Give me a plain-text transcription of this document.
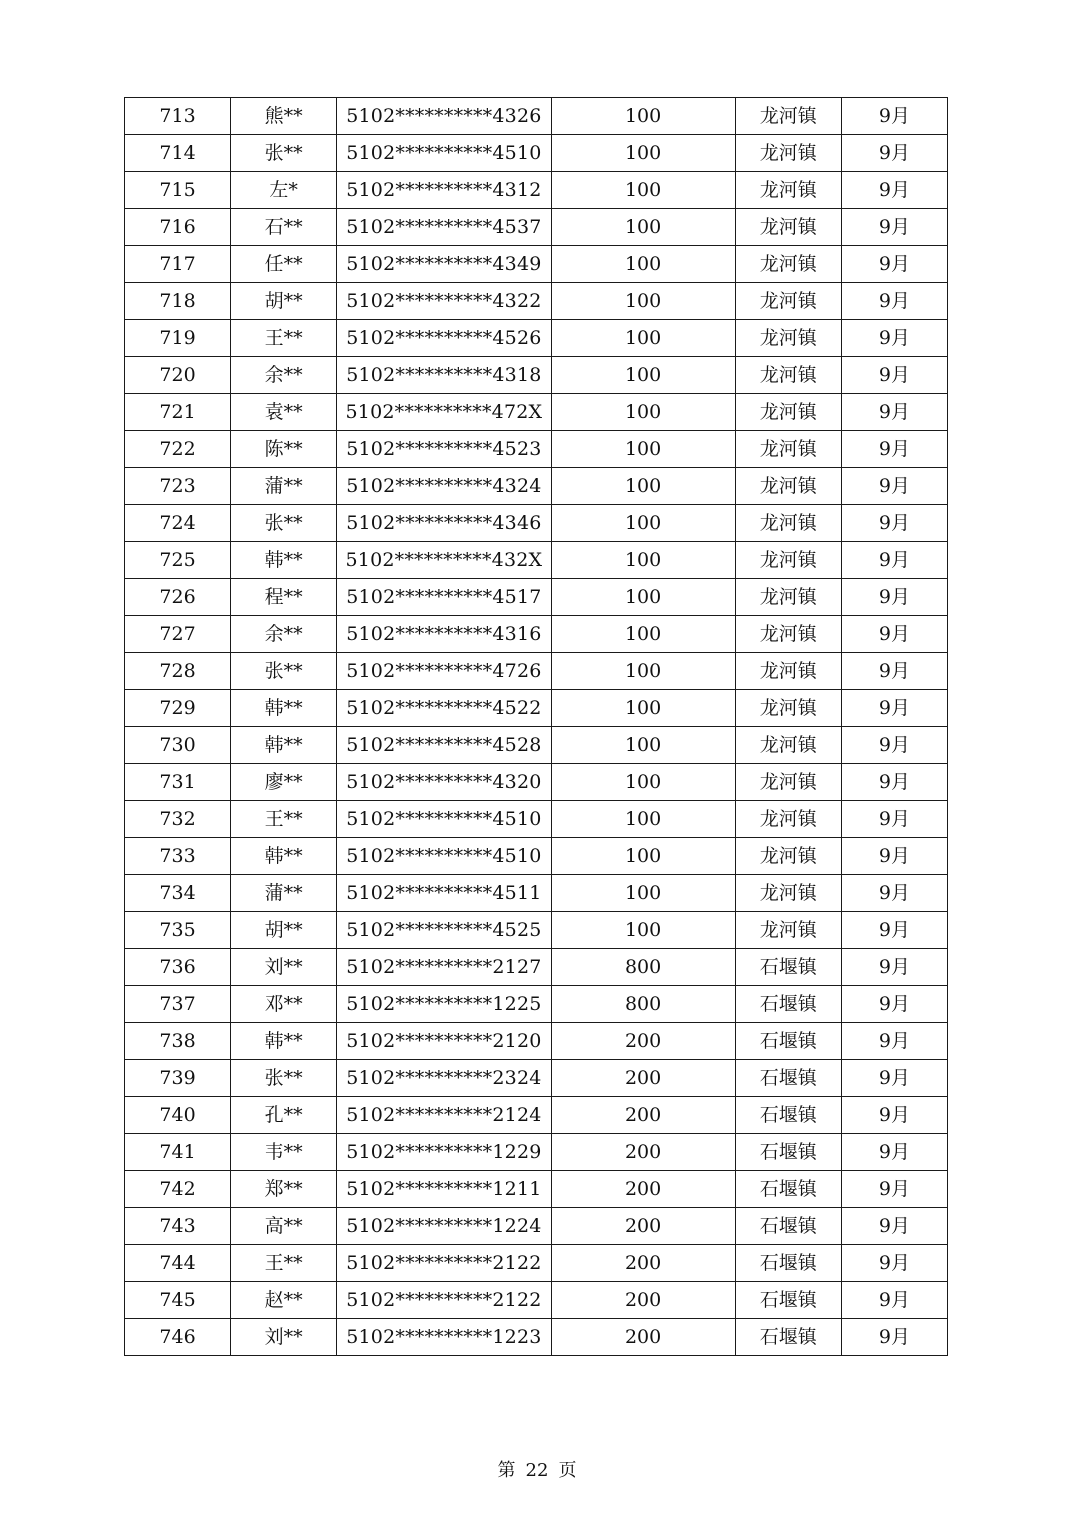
713	熊**	5102**********4326	100	龙河镇	9月
714	张**	5102**********4510	100	龙河镇	9月
715	左*	5102**********4312	100	龙河镇	9月
716	石**	5102**********4537	100	龙河镇	9月
717	任**	5102**********4349	100	龙河镇	9月
718	胡**	5102**********4322	100	龙河镇	9月
719	王**	5102**********4526	100	龙河镇	9月
720	余**	5102**********4318	100	龙河镇	9月
721	袁**	5102**********472X	100	龙河镇	9月
722	陈**	5102**********4523	100	龙河镇	9月
723	蒲**	5102**********4324	100	龙河镇	9月
724	张**	5102**********4346	100	龙河镇	9月
725	韩**	5102**********432X	100	龙河镇	9月
726	程**	5102**********4517	100	龙河镇	9月
727	余**	5102**********4316	100	龙河镇	9月
728	张**	5102**********4726	100	龙河镇	9月
729	韩**	5102**********4522	100	龙河镇	9月
730	韩**	5102**********4528	100	龙河镇	9月
731	廖**	5102**********4320	100	龙河镇	9月
732	王**	5102**********4510	100	龙河镇	9月
733	韩**	5102**********4510	100	龙河镇	9月
734	蒲**	5102**********4511	100	龙河镇	9月
735	胡**	5102**********4525	100	龙河镇	9月
736	刘**	5102**********2127	800	石堰镇	9月
737	邓**	5102**********1225	800	石堰镇	9月
738	韩**	5102**********2120	200	石堰镇	9月
739	张**	5102**********2324	200	石堰镇	9月
740	孔**	5102**********2124	200	石堰镇	9月
741	韦**	5102**********1229	200	石堰镇	9月
742	郑**	5102**********1211	200	石堰镇	9月
743	高**	5102**********1224	200	石堰镇	9月
744	王**	5102**********2122	200	石堰镇	9月
745	赵**	5102**********2122	200	石堰镇	9月
746	刘**	5102**********1223	200	石堰镇	9月
第 22 页
